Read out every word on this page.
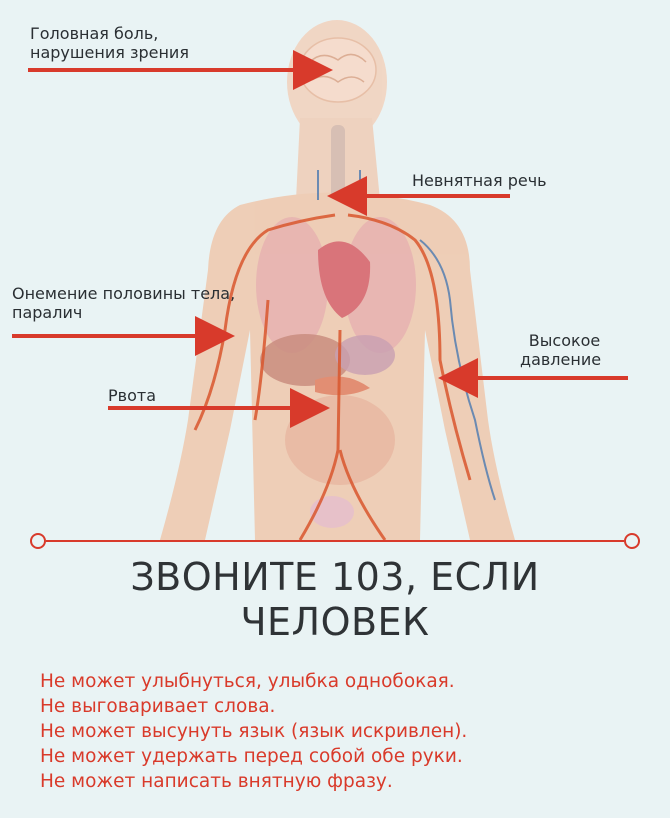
Головная боль,
нарушения зрения
Невнятная речь
Онемение половины тела,
паралич
Рвота
Высокое
давление
ЗВОНИТЕ 103, ЕСЛИ
ЧЕЛОВЕК
Не может улыбнуться, улыбка однобокая.
Не выговаривает слова.
Не может высунуть язык (язык искривлен).
Не может удержать перед собой обе руки.
Не может написать внятную фразу.
